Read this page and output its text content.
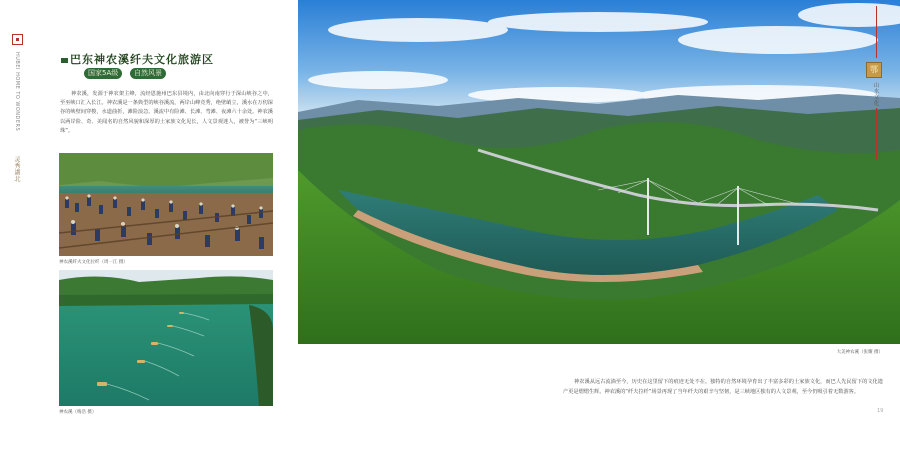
HUBEI HOME TO WONDERS
灵秀湖北
巴东神农溪纤夫文化旅游区
国家5A级	自然风景
神农溪，发源于神农架主峰，流经恩施州巴东县境内，由北向南穿行于深山峡谷之中，至巫峡口汇入长江。神农溪是一条典型的峡谷溪流，两岸山峰竞秀，绝壁峭立，溪水在万仞深谷的峡壁间穿梭，水道曲折，滩险浪急。溪流中有险滩、长滩、弯滩、夜滩六十余处。神农溪以两岸险、奇、美闻名的自然风貌和深厚的土家族文化见长，人文景观迷人，被誉为“三峡明珠”。
神农溪纤夫文化拉纤（周一江 摄）
神农溪（梅浩 摄）
大美神农溪（张耀 摄）
鄂
山水文化
神农溪从远古流淌至今，历史在这里留下的痕迹无处不在。独特的自然环境孕育出了丰富多彩的土家族文化，而巴人先民留下的文化遗产更是熠熠生辉。神农溪的“纤夫拉纤”场景再现了当年纤夫的艰辛与坚韧，是三峡地区独有的人文景观，至今仍吸引着无数游客。
19
